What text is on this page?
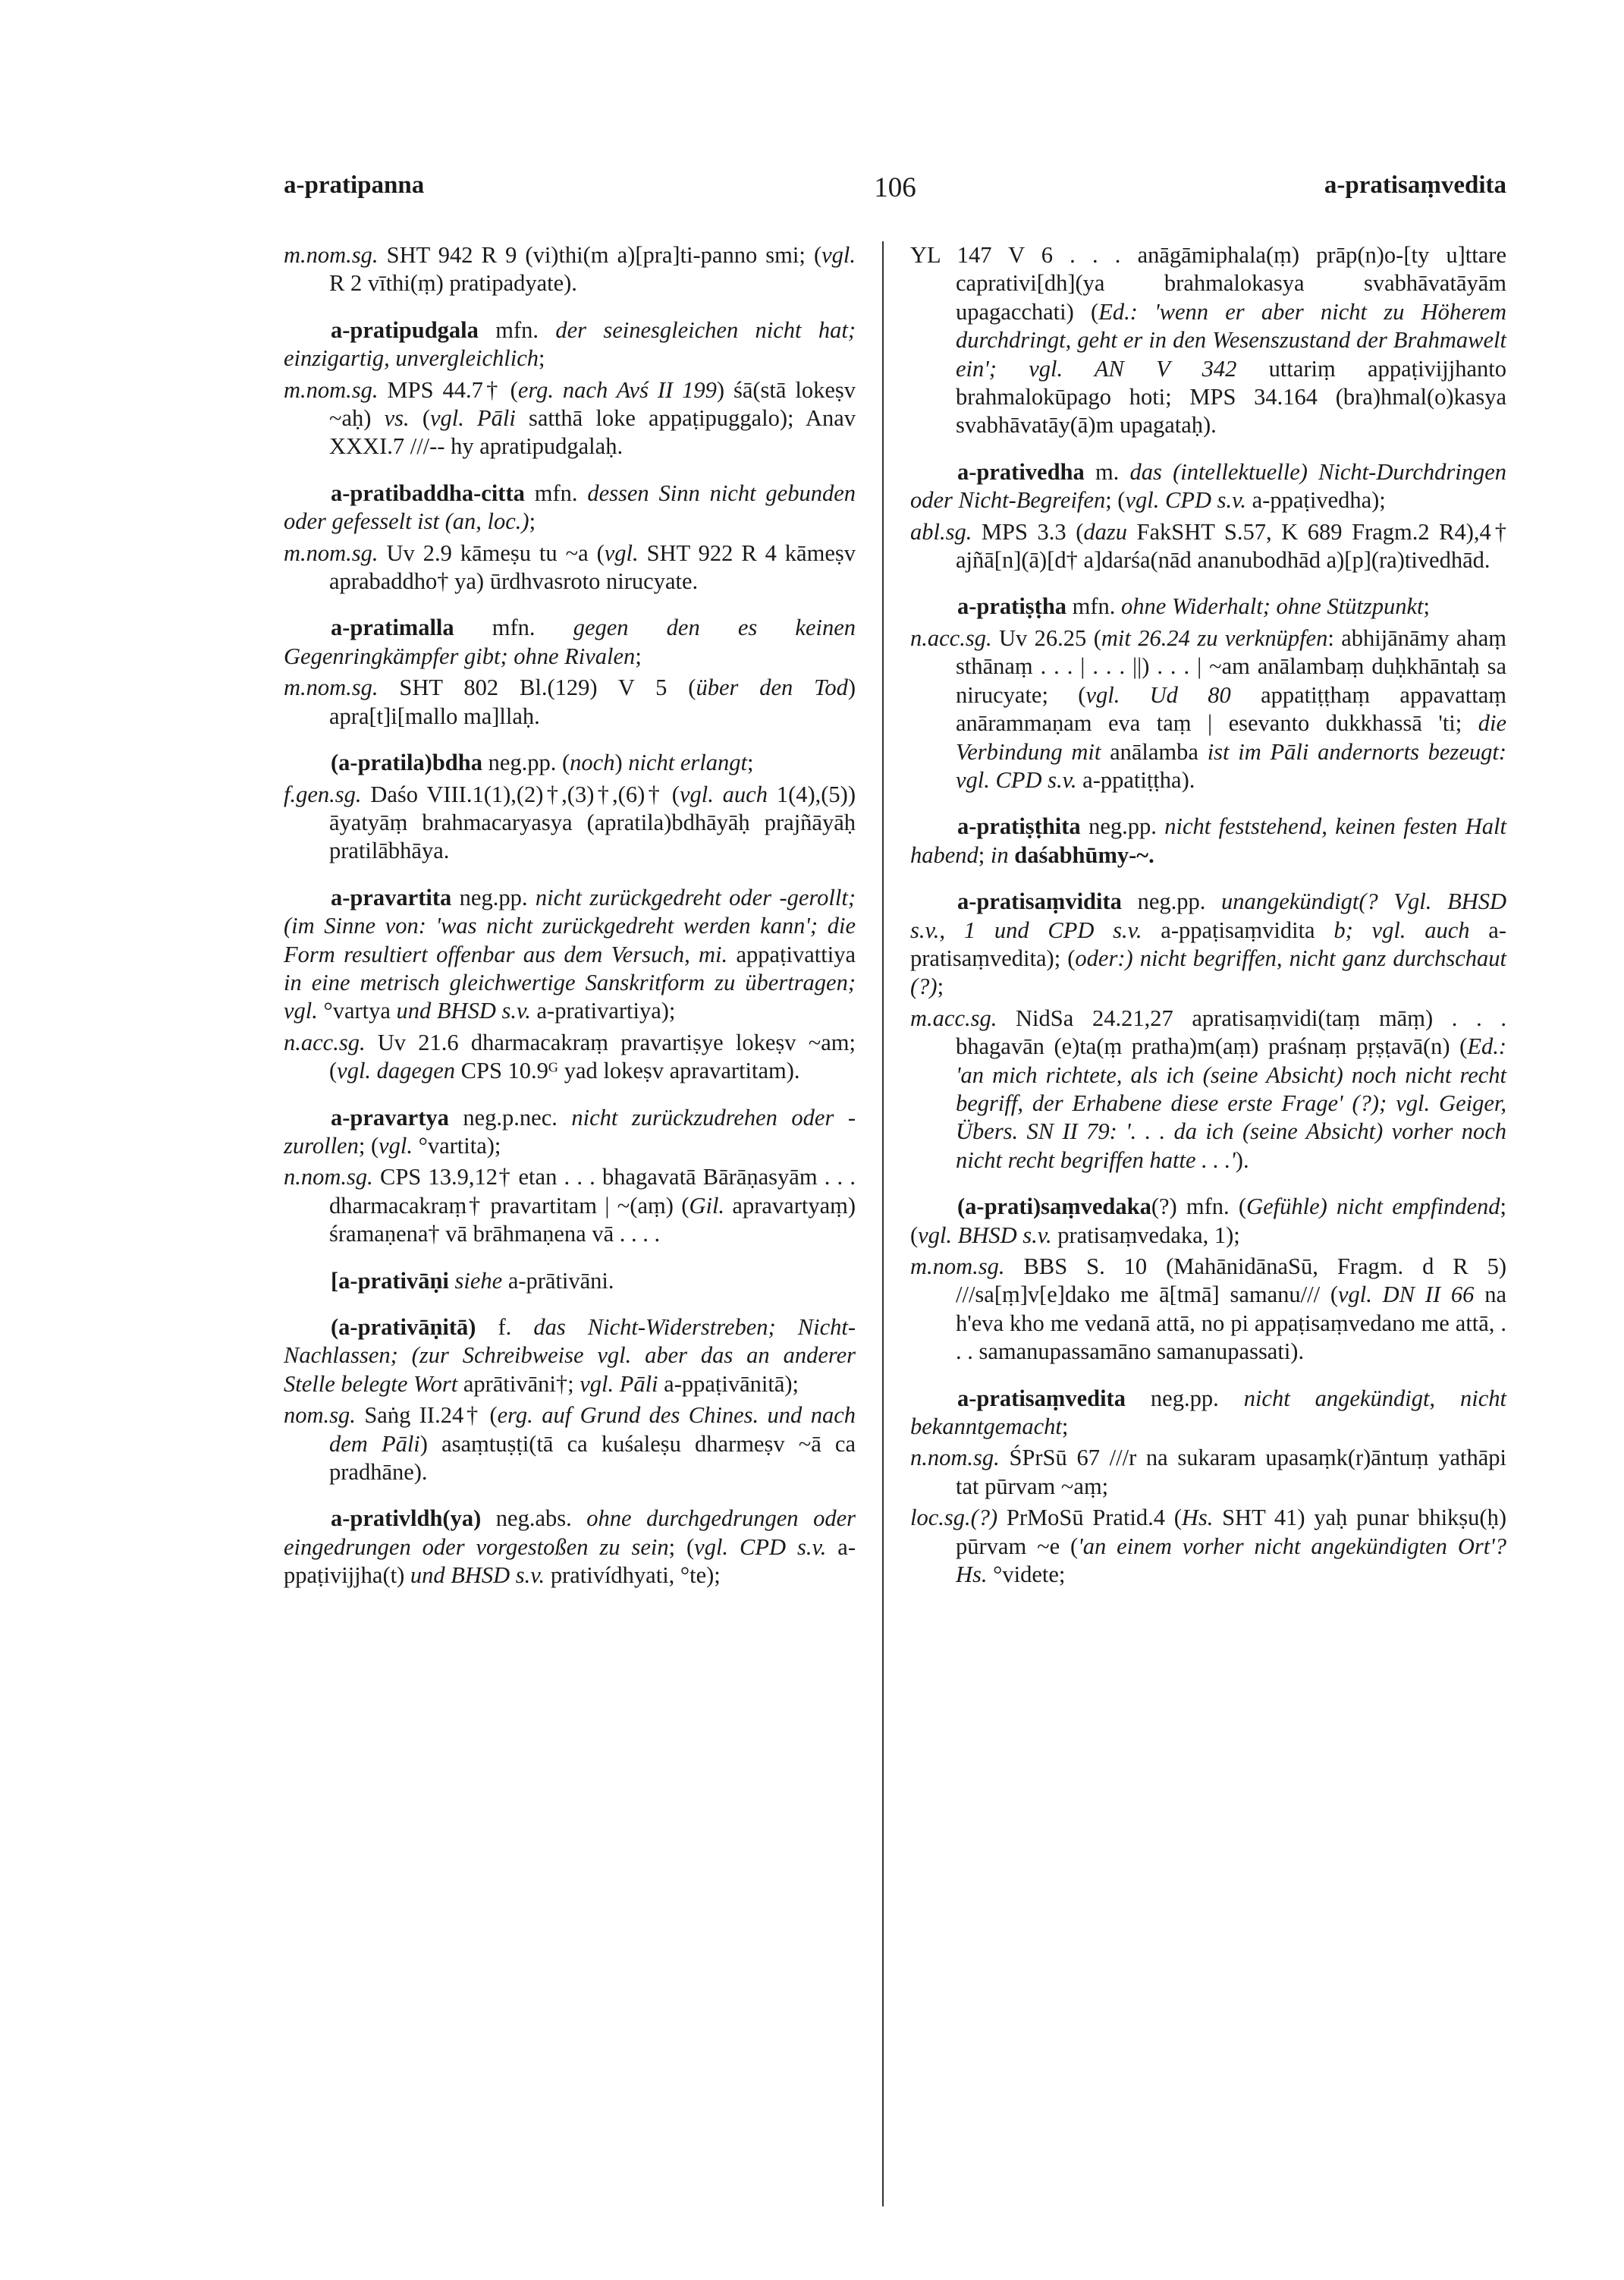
a-pratipanna	106	a-pratisaṃvedita

m.nom.sg. SHT 942 R 9 (vi)thi(m a)[pra]ti-panno smi; (vgl. R 2 vīthi(ṃ) pratipadyate).

a-pratipudgala mfn. der seinesgleichen nicht hat; einzigartig, unvergleichlich;

m.nom.sg. MPS 44.7† (erg. nach Avś II 199) śā(stā lokeṣv ~aḥ) vs. (vgl. Pāli satthā loke appaṭipuggalo); Anav XXXI.7 ///-- hy apratipudgalaḥ.

a-pratibaddha-citta mfn. dessen Sinn nicht gebunden oder gefesselt ist (an, loc.);

m.nom.sg. Uv 2.9 kāmeṣu tu ~a (vgl. SHT 922 R 4 kāmeṣv aprabaddho† ya) ūrdhvasroto nirucyate.

a-pratimalla mfn. gegen den es keinen Gegenringkämpfer gibt; ohne Rivalen;

m.nom.sg. SHT 802 Bl.(129) V 5 (über den Tod) apra[t]i[mallo ma]llaḥ.

(a-pratila)bdha neg.pp. (noch) nicht erlangt;

f.gen.sg. Daśo VIII.1(1),(2)†,(3)†,(6)† (vgl. auch 1(4),(5)) āyatyāṃ brahmacaryasya (apratila)bdhāyāḥ prajñāyāḥ pratilābhāya.

a-pravartita neg.pp. nicht zurückgedreht oder -gerollt; (im Sinne von: 'was nicht zurückgedreht werden kann'; die Form resultiert offenbar aus dem Versuch, mi. appaṭivattiya in eine metrisch gleichwertige Sanskritform zu übertragen; vgl. °vartya und BHSD s.v. a-prativartiya);

n.acc.sg. Uv 21.6 dharmacakraṃ pravartiṣye lokeṣv ~am; (vgl. dagegen CPS 10.9ᴳ yad lokeṣv apravartitam).

a-pravartya neg.p.nec. nicht zurückzudrehen oder -zurollen; (vgl. °vartita);

n.nom.sg. CPS 13.9,12† etan . . . bhagavatā Bārāṇasyām . . . dharmacakraṃ† pravartitam | ~(aṃ) (Gil. apravartyaṃ) śramaṇena† vā brāhmaṇena vā . . . .

[a-prativāṇi siehe a-prātivāni.

(a-prativāṇitā) f. das Nicht-Widerstreben; Nicht-Nachlassen; (zur Schreibweise vgl. aber das an anderer Stelle belegte Wort aprātivāni†; vgl. Pāli a-ppaṭivānitā);

nom.sg. Saṅg II.24† (erg. auf Grund des Chines. und nach dem Pāli) asaṃtuṣṭi(tā ca kuśaleṣu dharmeṣv ~ā ca pradhāne).

a-prativldh(ya) neg.abs. ohne durchgedrungen oder eingedrungen oder vorgestoßen zu sein; (vgl. CPD s.v. a-ppaṭivijjha(t) und BHSD s.v. prativídhyati, °te);

YL 147 V 6 . . . anāgāmiphala(ṃ) prāp(n)o-[ty u]ttare caprativi[dh](ya brahmalokasya svabhāvatāyām upagacchati) (Ed.: 'wenn er aber nicht zu Höherem durchdringt, geht er in den Wesenszustand der Brahmawelt ein'; vgl. AN V 342 uttariṃ appaṭivijjhanto brahmalokūpago hoti; MPS 34.164 (bra)hmal(o)kasya svabhāvatāy(ā)m upagataḥ).

a-prativedha m. das (intellektuelle) Nicht-Durchdringen oder Nicht-Begreifen; (vgl. CPD s.v. a-ppaṭivedha);

abl.sg. MPS 3.3 (dazu FakSHT S.57, K 689 Fragm.2 R4),4† ajñā[n](ā)[d† a]darśa(nād ananubodhād a)[p](ra)tivedhād.

a-pratiṣṭha mfn. ohne Widerhalt; ohne Stützpunkt;

n.acc.sg. Uv 26.25 (mit 26.24 zu verknüpfen: abhijānāmy ahaṃ sthānaṃ . . . | . . . ||) . . . | ~am anālambaṃ duḥkhāntaḥ sa nirucyate; (vgl. Ud 80 appatiṭṭhaṃ appavattaṃ anārammaṇam eva taṃ | esevanto dukkhassā 'ti; die Verbindung mit anālamba ist im Pāli andernorts bezeugt: vgl. CPD s.v. a-ppatiṭṭha).

a-pratiṣṭhita neg.pp. nicht feststehend, keinen festen Halt habend; in daśabhūmy-~.

a-pratisaṃvidita neg.pp. unangekündigt(? Vgl. BHSD s.v., 1 und CPD s.v. a-ppaṭisaṃvidita b; vgl. auch a-pratisaṃvedita); (oder:) nicht begriffen, nicht ganz durchschaut (?);

m.acc.sg. NidSa 24.21,27 apratisaṃvidi(taṃ māṃ) . . . bhagavān (e)ta(ṃ pratha)m(aṃ) praśnaṃ pṛṣṭavā(n) (Ed.: 'an mich richtete, als ich (seine Absicht) noch nicht recht begriff, der Erhabene diese erste Frage' (?); vgl. Geiger, Übers. SN II 79: '. . . da ich (seine Absicht) vorher noch nicht recht begriffen hatte . . .').

(a-prati)saṃvedaka(?) mfn. (Gefühle) nicht empfindend; (vgl. BHSD s.v. pratisaṃvedaka, 1);

m.nom.sg. BBS S. 10 (MahānidānaSū, Fragm. d R 5) ///sa[ṃ]v[e]dako me ā[tmā] samanu/// (vgl. DN II 66 na h'eva kho me vedanā attā, no pi appaṭisaṃvedano me attā, . . . samanupassamāno samanupassati).

a-pratisaṃvedita neg.pp. nicht angekündigt, nicht bekanntgemacht;

n.nom.sg. ŚPrSū 67 ///r na sukaram upasaṃk(r)āntuṃ yathāpi tat pūrvam ~aṃ;

loc.sg.(?) PrMoSū Pratid.4 (Hs. SHT 41) yaḥ punar bhikṣu(ḥ) pūrvam ~e ('an einem vorher nicht angekündigten Ort'? Hs. °videte;
